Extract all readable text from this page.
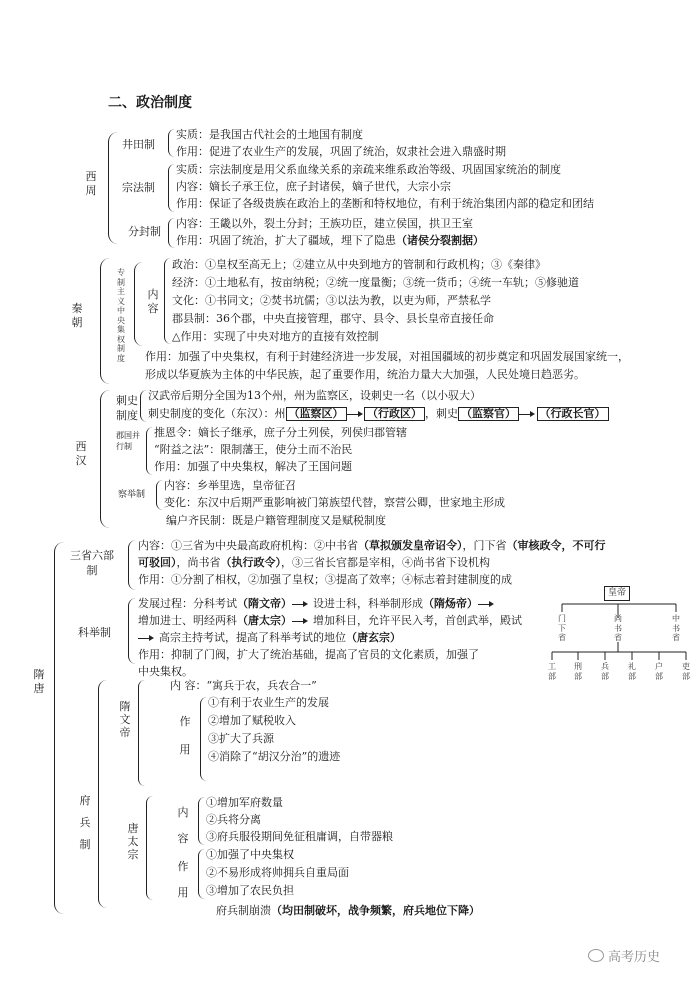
二、政治制度
西周
井田制
实质：是我国古代社会的土地国有制度
作用：促进了农业生产的发展，巩固了统治，奴隶社会进入鼎盛时期
宗法制
实质：宗法制度是用父系血缘关系的亲疏来维系政治等级、巩固国家统治的制度
内容：嫡长子承王位，庶子封诸侯，嫡子世代，大宗小宗
作用：保证了各级贵族在政治上的垄断和特权地位，有利于统治集团内部的稳定和团结
分封制
内容：王畿以外，裂土分封；王族功臣，建立侯国，拱卫王室
作用：巩固了统治，扩大了疆域，埋下了隐患（诸侯分裂割据）
秦朝
专制主义中央集权制度
内容
政治：①皇权至高无上；②建立从中央到地方的管制和行政机构；③《秦律》
经济：①土地私有，按亩纳税；②统一度量衡；③统一货币；④统一车轨；⑤修驰道
文化：①书同文；②焚书坑儒；③以法为教，以吏为师，严禁私学
郡县制：36个郡，中央直接管理，郡守、县令、县长皇帝直接任命
△作用：实现了中央对地方的直接有效控制
作用：加强了中央集权，有利于封建经济进一步发展，对祖国疆域的初步奠定和巩固发展国家统一，
形成以华夏族为主体的中华民族，起了重要作用，统治力量大大加强，人民处境日趋恶劣。
西汉
刺史制度
汉武帝后期分全国为13个州，州为监察区，设刺史一名（以小驭大）
刺史制度的变化（东汉）：州 （监察区） （行政区） ，刺史 （监察官） （行政长官）
郡国并行制
推恩令：嫡长子继承，庶子分土列侯，列侯归郡管辖
“附益之法”：限制藩王，使分土而不治民
作用：加强了中央集权，解决了王国问题
察举制
内容：乡举里选，皇帝征召
变化：东汉中后期严重影响被门第族望代替，察营公卿，世家地主形成
编户齐民制：既是户籍管理制度又是赋税制度
隋唐
三省六部制
内容：①三省为中央最高政府机构：②中书省（草拟颁发皇帝诏令），门下省（审核政令，不可行
可驳回），尚书省（执行政令），③三省长官都是宰相，④尚书省下设机构
作用：①分割了相权，②加强了皇权；③提高了效率；④标志着封建制度的成
科举制
发展过程：分科考试（隋文帝） 设进士科，科举制形成（隋炀帝）
增加进士、明经两科（唐太宗） 增加科目，允许平民入考，首创武举，殿试
高宗主持考试，提高了科举考试的地位（唐玄宗）
作用：抑制了门阀，扩大了统治基础，提高了官员的文化素质，加强了
中央集权。
府兵制
隋文帝
内 容：“寓兵于农，兵农合一”
作用
①有利于农业生产的发展
②增加了赋税收入
③扩大了兵源
④消除了“胡汉分治”的遗迹
唐太宗
内容
①增加军府数量
②兵将分离
③府兵服役期间免征租庸调，自带器粮
作用
①加强了中央集权
②不易形成将帅拥兵自重局面
③增加了农民负担
府兵制崩溃（均田制破坏，战争频繁，府兵地位下降）
皇帝
门下省
尚书省
中书省
工部
刑部
兵部
礼部
户部
吏部
高考历史
